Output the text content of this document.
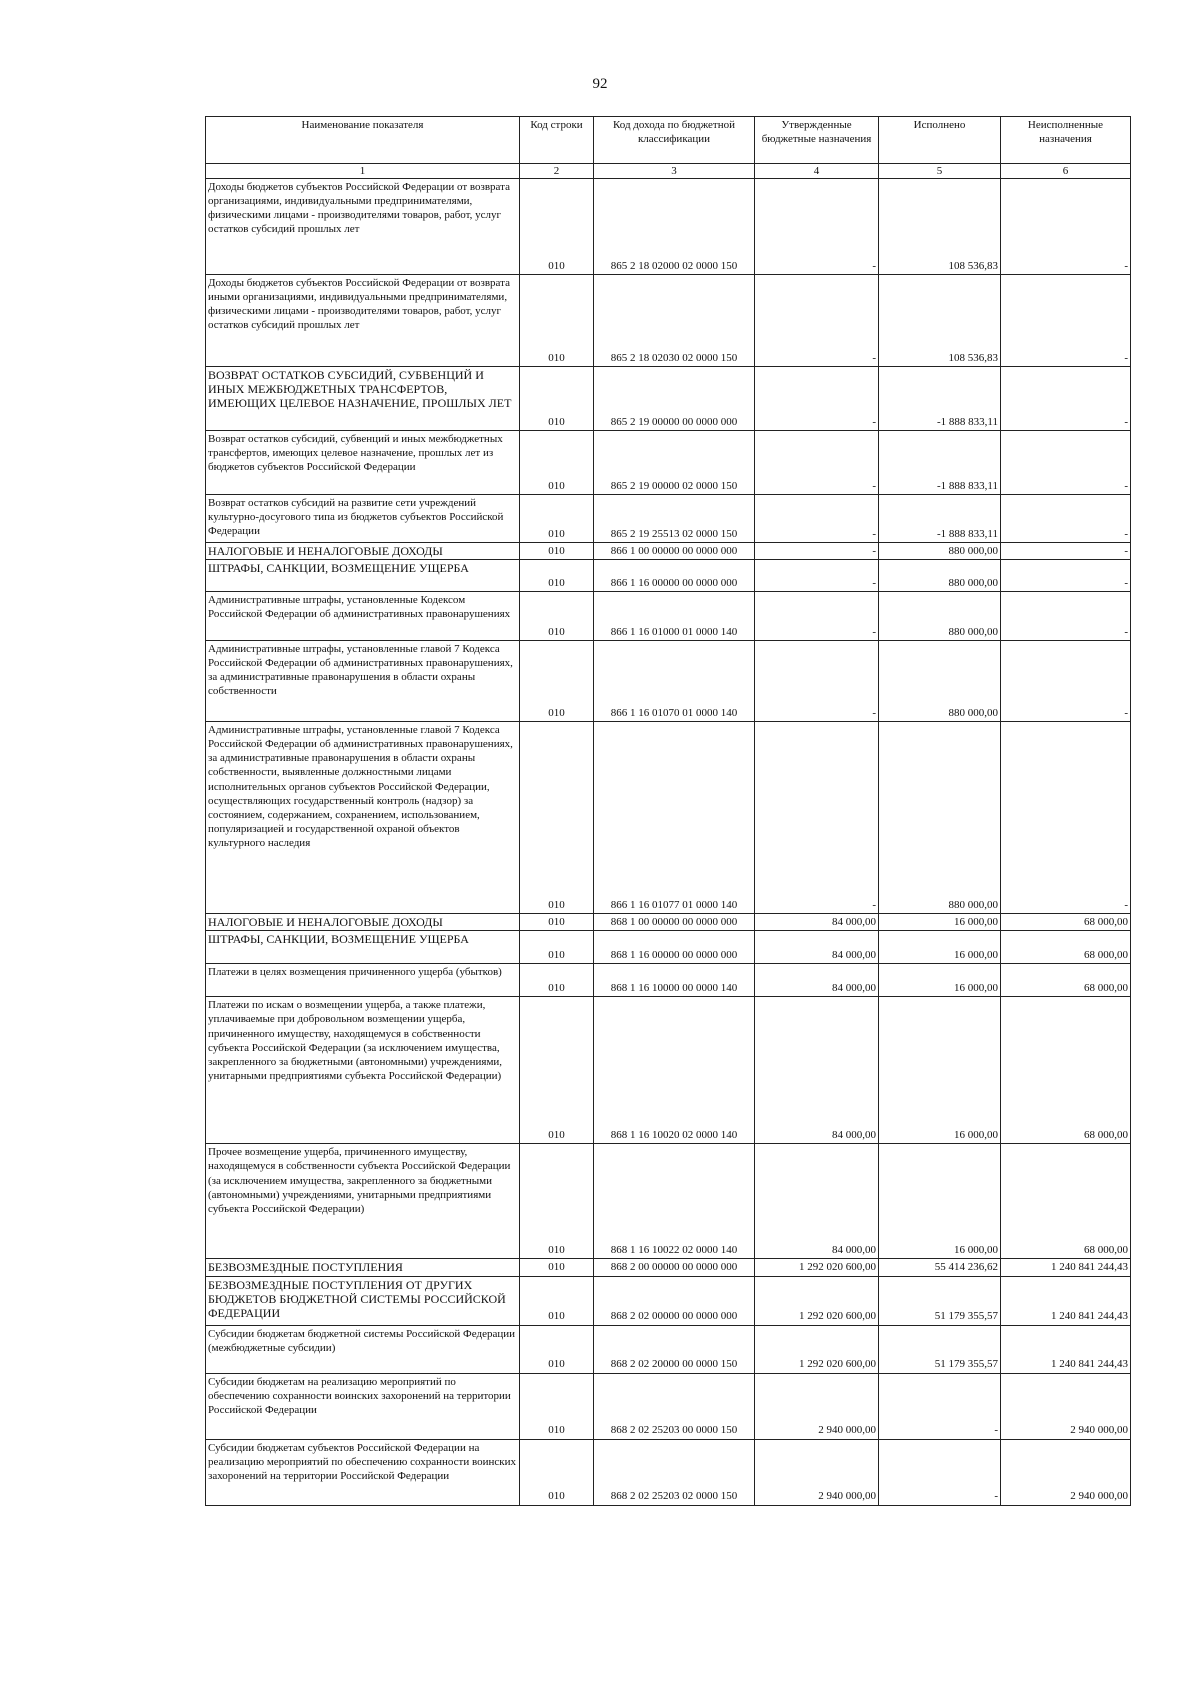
92
Наименование показателя	Код строки	Код дохода по бюджетной классификации	Утвержденные бюджетные назначения	Исполнено	Неисполненные назначения
1	2	3	4	5	6
Доходы бюджетов субъектов Российской Федерации от возврата организациями, индивидуальными предпринимателями, физическими лицами - производителями товаров, работ, услуг остатков субсидий прошлых лет	010	865 2 18 02000 02 0000 150	-	108 536,83	-
Доходы бюджетов субъектов Российской Федерации от возврата иными организациями, индивидуальными предпринимателями, физическими лицами - производителями товаров, работ, услуг остатков субсидий прошлых лет	010	865 2 18 02030 02 0000 150	-	108 536,83	-
ВОЗВРАТ ОСТАТКОВ СУБСИДИЙ, СУБВЕНЦИЙ И ИНЫХ МЕЖБЮДЖЕТНЫХ ТРАНСФЕРТОВ, ИМЕЮЩИХ ЦЕЛЕВОЕ НАЗНАЧЕНИЕ, ПРОШЛЫХ ЛЕТ	010	865 2 19 00000 00 0000 000	-	-1 888 833,11	-
Возврат остатков субсидий, субвенций и иных межбюджетных трансфертов, имеющих целевое назначение, прошлых лет из бюджетов субъектов Российской Федерации	010	865 2 19 00000 02 0000 150	-	-1 888 833,11	-
Возврат остатков субсидий на развитие сети учреждений культурно-досугового типа из бюджетов субъектов Российской Федерации	010	865 2 19 25513 02 0000 150	-	-1 888 833,11	-
НАЛОГОВЫЕ И НЕНАЛОГОВЫЕ ДОХОДЫ	010	866 1 00 00000 00 0000 000	-	880 000,00	-
ШТРАФЫ, САНКЦИИ, ВОЗМЕЩЕНИЕ УЩЕРБА	010	866 1 16 00000 00 0000 000	-	880 000,00	-
Административные штрафы, установленные Кодексом Российской Федерации об административных правонарушениях	010	866 1 16 01000 01 0000 140	-	880 000,00	-
Административные штрафы, установленные главой 7 Кодекса Российской Федерации об административных правонарушениях, за административные правонарушения в области охраны собственности	010	866 1 16 01070 01 0000 140	-	880 000,00	-
Административные штрафы, установленные главой 7 Кодекса Российской Федерации об административных правонарушениях, за административные правонарушения в области охраны собственности, выявленные должностными лицами исполнительных органов субъектов Российской Федерации, осуществляющих государственный контроль (надзор) за состоянием, содержанием, сохранением, использованием, популяризацией и государственной охраной объектов культурного наследия	010	866 1 16 01077 01 0000 140	-	880 000,00	-
НАЛОГОВЫЕ И НЕНАЛОГОВЫЕ ДОХОДЫ	010	868 1 00 00000 00 0000 000	84 000,00	16 000,00	68 000,00
ШТРАФЫ, САНКЦИИ, ВОЗМЕЩЕНИЕ УЩЕРБА	010	868 1 16 00000 00 0000 000	84 000,00	16 000,00	68 000,00
Платежи в целях возмещения причиненного ущерба (убытков)	010	868 1 16 10000 00 0000 140	84 000,00	16 000,00	68 000,00
Платежи по искам о возмещении ущерба, а также платежи, уплачиваемые при добровольном возмещении ущерба, причиненного имуществу, находящемуся в собственности субъекта Российской Федерации (за исключением имущества, закрепленного за бюджетными (автономными) учреждениями, унитарными предприятиями субъекта Российской Федерации)	010	868 1 16 10020 02 0000 140	84 000,00	16 000,00	68 000,00
Прочее возмещение ущерба, причиненного имуществу, находящемуся в собственности субъекта Российской Федерации (за исключением имущества, закрепленного за бюджетными (автономными) учреждениями, унитарными предприятиями субъекта Российской Федерации)	010	868 1 16 10022 02 0000 140	84 000,00	16 000,00	68 000,00
БЕЗВОЗМЕЗДНЫЕ ПОСТУПЛЕНИЯ	010	868 2 00 00000 00 0000 000	1 292 020 600,00	55 414 236,62	1 240 841 244,43
БЕЗВОЗМЕЗДНЫЕ ПОСТУПЛЕНИЯ ОТ ДРУГИХ БЮДЖЕТОВ БЮДЖЕТНОЙ СИСТЕМЫ РОССИЙСКОЙ ФЕДЕРАЦИИ	010	868 2 02 00000 00 0000 000	1 292 020 600,00	51 179 355,57	1 240 841 244,43
Субсидии бюджетам бюджетной системы Российской Федерации (межбюджетные субсидии)	010	868 2 02 20000 00 0000 150	1 292 020 600,00	51 179 355,57	1 240 841 244,43
Субсидии бюджетам на реализацию мероприятий по обеспечению сохранности воинских захоронений на территории Российской Федерации	010	868 2 02 25203 00 0000 150	2 940 000,00	-	2 940 000,00
Субсидии бюджетам субъектов Российской Федерации на реализацию мероприятий по обеспечению сохранности воинских захоронений на территории Российской Федерации	010	868 2 02 25203 02 0000 150	2 940 000,00	-	2 940 000,00
